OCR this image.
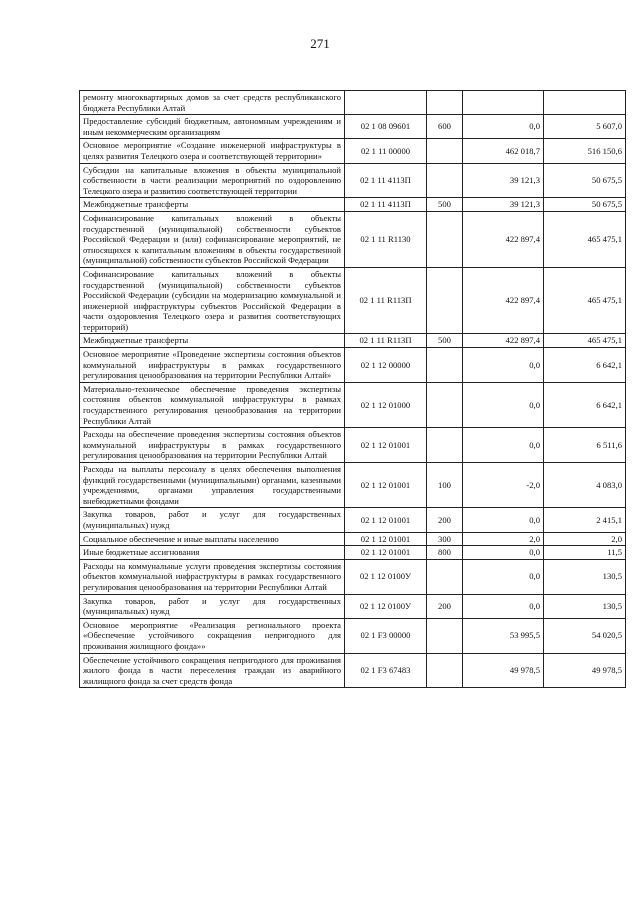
271
ремонту многоквартирных домов за счет средств республиканского бюджета Республики Алтай				
Предоставление субсидий бюджетным, автономным учреждениям и иным некоммерческим организациям	02 1 08 09601	600	0,0	5 607,0
Основное мероприятие «Создание инженерной инфраструктуры в целях развития Телецкого озера и соответствующей территории»	02 1 11 00000		462 018,7	516 150,6
Субсидии на капитальные вложения в объекты муниципальной собственности в части реализации мероприятий по оздоровлению Телецкого озера и развитию соответствующей территории	02 1 11 4113П		39 121,3	50 675,5
Межбюджетные трансферты	02 1 11 4113П	500	39 121,3	50 675,5
Софинансирование капитальных вложений в объекты государственной (муниципальной) собственности субъектов Российской Федерации и (или) софинансирование мероприятий, не относящихся к капитальным вложениям в объекты государственной (муниципальной) собственности субъектов Российской Федерации	02 1 11 R1130		422 897,4	465 475,1
Софинансирование капитальных вложений в объекты государственной (муниципальной) собственности субъектов Российской Федерации (субсидии на модернизацию коммунальной и инженерной инфраструктуры субъектов Российской Федерации в части оздоровления Телецкого озера и развития соответствующих территорий)	02 1 11 R113П		422 897,4	465 475,1
Межбюджетные трансферты	02 1 11 R113П	500	422 897,4	465 475,1
Основное мероприятие «Проведение экспертизы состояния объектов коммунальной инфраструктуры в рамках государственного регулирования ценообразования на территории Республики Алтай»	02 1 12 00000		0,0	6 642,1
Материально-техническое обеспечение проведения экспертизы состояния объектов коммунальной инфраструктуры в рамках государственного регулирования ценообразования на территории Республики Алтай	02 1 12 01000		0,0	6 642,1
Расходы на обеспечение проведения экспертизы состояния объектов коммунальной инфраструктуры в рамках государственного регулирования ценообразования на территории Республики Алтай	02 1 12 01001		0,0	6 511,6
Расходы на выплаты персоналу в целях обеспечения выполнения функций государственными (муниципальными) органами, казенными учреждениями, органами управления государственными внебюджетными фондами	02 1 12 01001	100	-2,0	4 083,0
Закупка товаров, работ и услуг для государственных (муниципальных) нужд	02 1 12 01001	200	0,0	2 415,1
Социальное обеспечение и иные выплаты населению	02 1 12 01001	300	2,0	2,0
Иные бюджетные ассигнования	02 1 12 01001	800	0,0	11,5
Расходы на коммунальные услуги проведения экспертизы состояния объектов коммунальной инфраструктуры в рамках государственного регулирования ценообразования на территории Республики Алтай	02 1 12 0100У		0,0	130,5
Закупка товаров, работ и услуг для государственных (муниципальных) нужд	02 1 12 0100У	200	0,0	130,5
Основное мероприятие «Реализация регионального проекта «Обеспечение устойчивого сокращения непригодного для проживания жилищного фонда»»	02 1 F3 00000		53 995,5	54 020,5
Обеспечение устойчивого сокращения непригодного для проживания жилого фонда в части переселения граждан из аварийного жилищного фонда за счет средств фонда	02 1 F3 67483		49 978,5	49 978,5
